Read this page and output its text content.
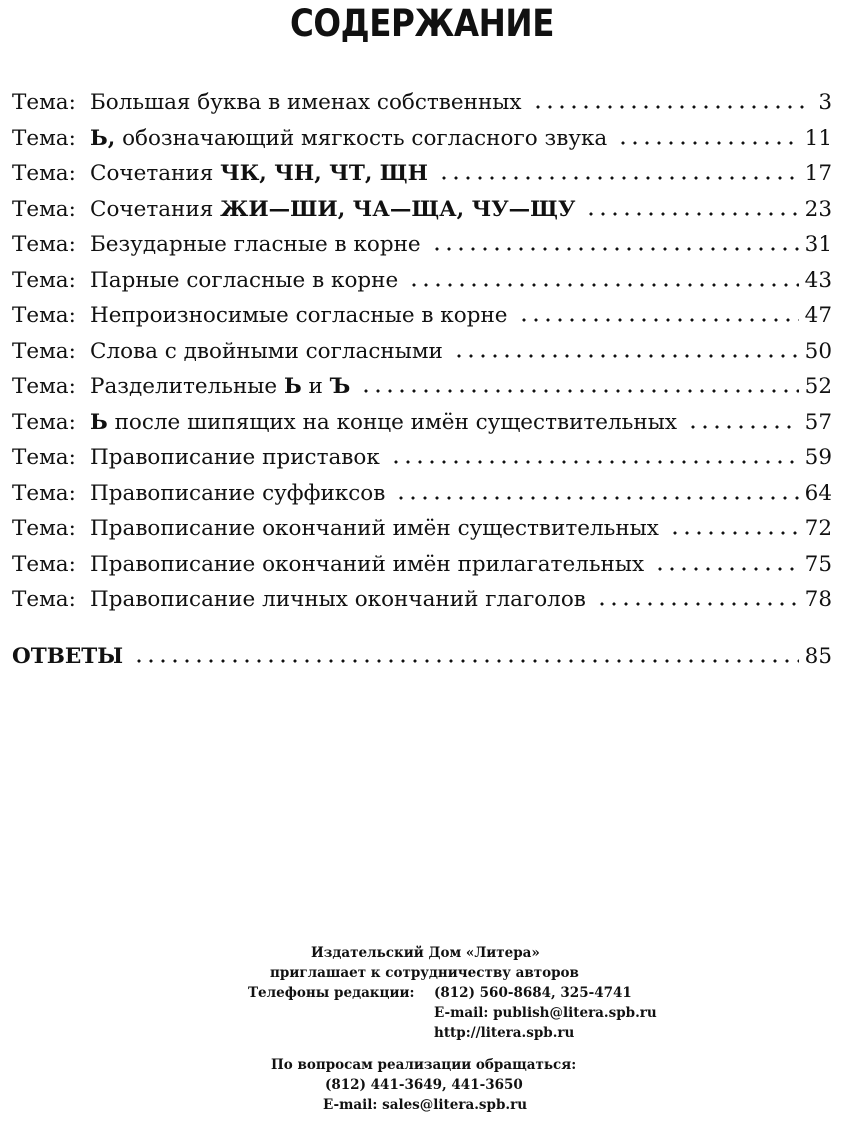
СОДЕРЖАНИЕ
Тема: Большая буква в именах собственных	3
Тема: Ь, обозначающий мягкость согласного звука	11
Тема: Сочетания ЧК, ЧН, ЧТ, ЩН	17
Тема: Сочетания ЖИ—ШИ, ЧА—ЩА, ЧУ—ЩУ	23
Тема: Безударные гласные в корне	31
Тема: Парные согласные в корне	43
Тема: Непроизносимые согласные в корне	47
Тема: Слова с двойными согласными	50
Тема: Разделительные Ь и Ъ	52
Тема: Ь после шипящих на конце имён существительных	57
Тема: Правописание приставок	59
Тема: Правописание суффиксов	64
Тема: Правописание окончаний имён существительных	72
Тема: Правописание окончаний имён прилагательных	75
Тема: Правописание личных окончаний глаголов	78
ОТВЕТЫ	85
Издательский Дом «Литера»
приглашает к сотрудничеству авторов
Телефоны редакции: (812) 560-8684, 325-4741
E-mail: publish@litera.spb.ru
http://litera.spb.ru
По вопросам реализации обращаться:
(812) 441-3649, 441-3650
E-mail: sales@litera.spb.ru
